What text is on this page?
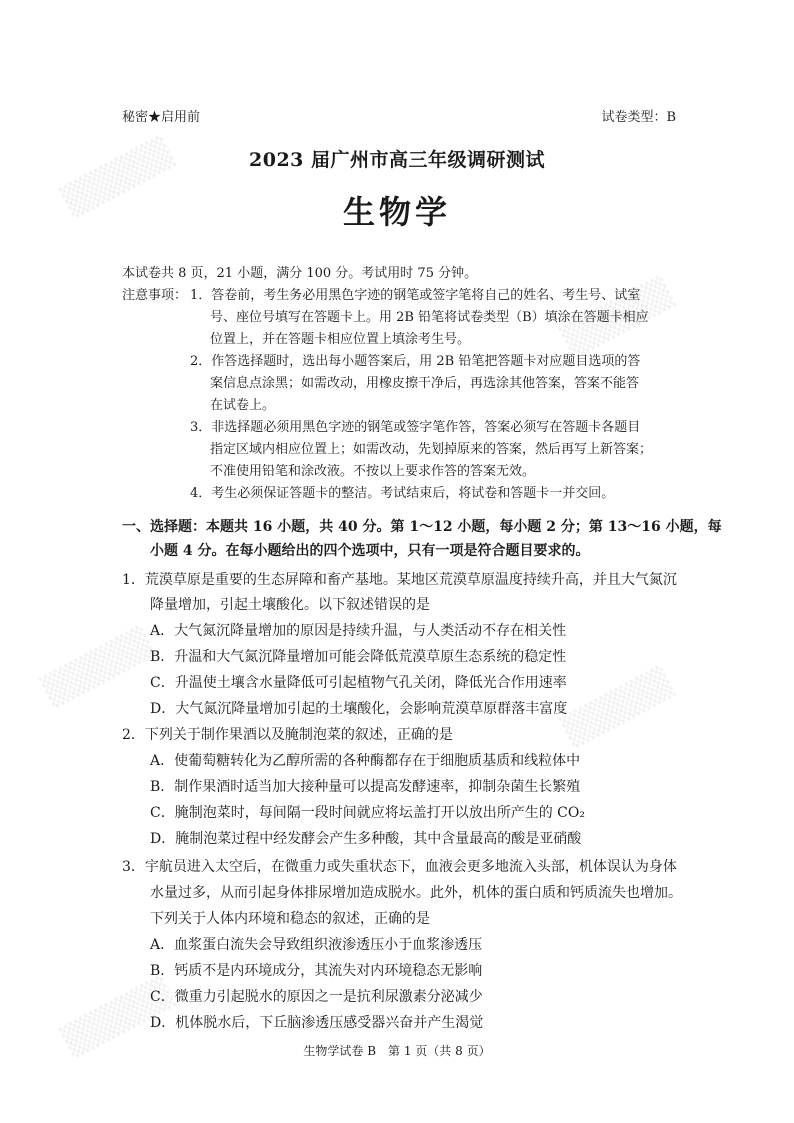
▒▒▒▒▒
▒▒▒▒▒
▒▒▒▒▒	▒▒▒▒▒
▒▒▒▒▒
秘密★启用前	试卷类型：B
2023 届广州市高三年级调研测试
生物学
本试卷共 8 页，21 小题，满分 100 分。考试用时 75 分钟。
注意事项： 1．答卷前，考生务必用黑色字迹的钢笔或签字笔将自己的姓名、考生号、试室
号、座位号填写在答题卡上。用 2B 铅笔将试卷类型（B）填涂在答题卡相应
位置上，并在答题卡相应位置上填涂考生号。
2．作答选择题时，选出每小题答案后，用 2B 铅笔把答题卡对应题目选项的答
案信息点涂黑；如需改动，用橡皮擦干净后，再选涂其他答案，答案不能答
在试卷上。
3．非选择题必须用黑色字迹的钢笔或签字笔作答，答案必须写在答题卡各题目
指定区域内相应位置上；如需改动，先划掉原来的答案，然后再写上新答案；
不准使用铅笔和涂改液。不按以上要求作答的答案无效。
4．考生必须保证答题卡的整洁。考试结束后，将试卷和答题卡一并交回。
一、选择题：本题共 16 小题，共 40 分。第 1～12 小题，每小题 2 分；第 13～16 小题，每
小题 4 分。在每小题给出的四个选项中，只有一项是符合题目要求的。
1．荒漠草原是重要的生态屏障和畜产基地。某地区荒漠草原温度持续升高，并且大气氮沉
降量增加，引起土壤酸化。以下叙述错误的是
A．大气氮沉降量增加的原因是持续升温，与人类活动不存在相关性
B．升温和大气氮沉降量增加可能会降低荒漠草原生态系统的稳定性
C．升温使土壤含水量降低可引起植物气孔关闭，降低光合作用速率
D．大气氮沉降量增加引起的土壤酸化，会影响荒漠草原群落丰富度
2．下列关于制作果酒以及腌制泡菜的叙述，正确的是
A．使葡萄糖转化为乙醇所需的各种酶都存在于细胞质基质和线粒体中
B．制作果酒时适当加大接种量可以提高发酵速率，抑制杂菌生长繁殖
C．腌制泡菜时，每间隔一段时间就应将坛盖打开以放出所产生的 CO₂
D．腌制泡菜过程中经发酵会产生多种酸，其中含量最高的酸是亚硝酸
3．宇航员进入太空后，在微重力或失重状态下，血液会更多地流入头部，机体误认为身体
水量过多，从而引起身体排尿增加造成脱水。此外，机体的蛋白质和钙质流失也增加。
下列关于人体内环境和稳态的叙述，正确的是
A．血浆蛋白流失会导致组织液渗透压小于血浆渗透压
B．钙质不是内环境成分，其流失对内环境稳态无影响
C．微重力引起脱水的原因之一是抗利尿激素分泌减少
D．机体脱水后，下丘脑渗透压感受器兴奋并产生渴觉
生物学试卷 B　第 1 页（共 8 页）
